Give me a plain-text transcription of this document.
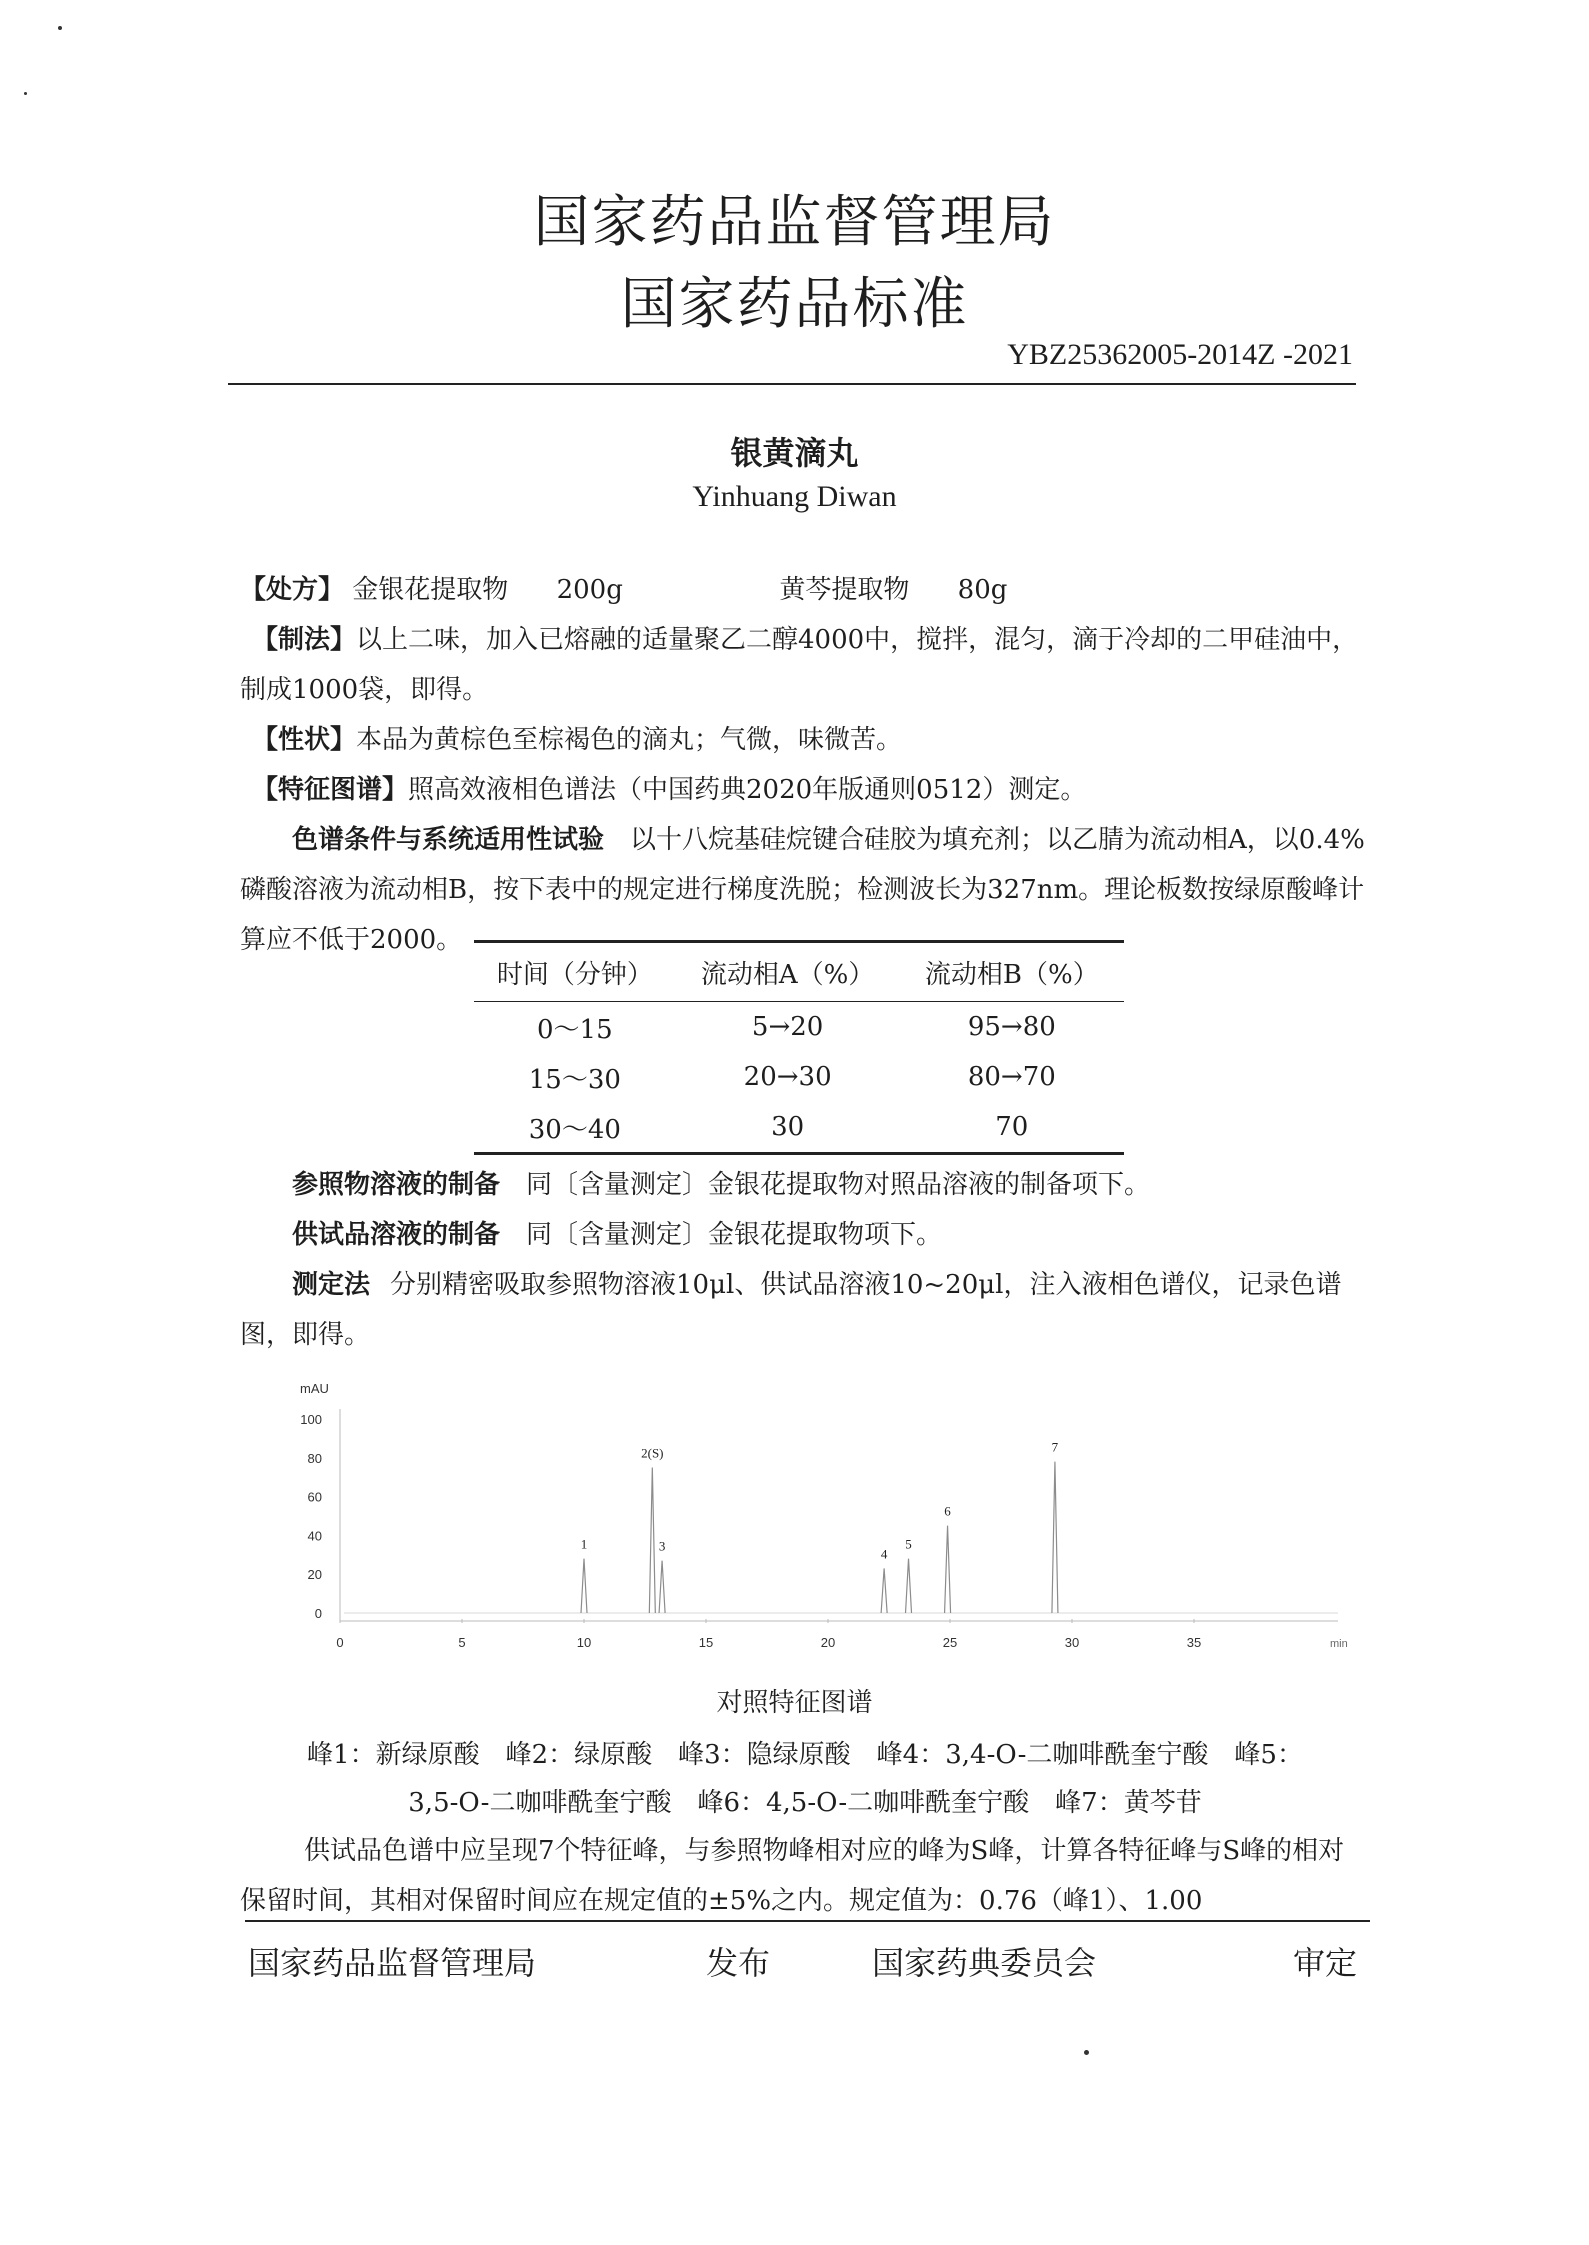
国家药品监督管理局
国家药品标准
YBZ25362005-2014Z -2021
银黄滴丸
Yinhuang Diwan
【处方】 金银花提取物 200g	黄芩提取物 80g
【制法】以上二味，加入已熔融的适量聚乙二醇4000中，搅拌，混匀，滴于冷却的二甲硅油中，制成1000袋，即得。
【性状】本品为黄棕色至棕褐色的滴丸；气微，味微苦。
【特征图谱】照高效液相色谱法（中国药典2020年版通则0512）测定。
色谱条件与系统适用性试验 以十八烷基硅烷键合硅胶为填充剂；以乙腈为流动相A，以0.4%磷酸溶液为流动相B，按下表中的规定进行梯度洗脱；检测波长为327nm。理论板数按绿原酸峰计算应不低于2000。
时间（分钟）	流动相A（%）	流动相B（%）
0～15	5→20	95→80
15～30	20→30	80→70
30～40	30	70
参照物溶液的制备 同〔含量测定〕金银花提取物对照品溶液的制备项下。
供试品溶液的制备 同〔含量测定〕金银花提取物项下。
测定法 分别精密吸取参照物溶液10μl、供试品溶液10~20μl，注入液相色谱仪，记录色谱图，即得。
mAU
min
0
20
40
60
80
100
0	5	10	15	20	25	30	35
1
2(S)
3
4
5
6
7
对照特征图谱
峰1：新绿原酸　峰2：绿原酸　峰3：隐绿原酸　峰4：3,4-O-二咖啡酰奎宁酸　峰5：
3,5-O-二咖啡酰奎宁酸　峰6：4,5-O-二咖啡酰奎宁酸　峰7：黄芩苷
供试品色谱中应呈现7个特征峰，与参照物峰相对应的峰为S峰，计算各特征峰与S峰的相对保留时间，其相对保留时间应在规定值的±5%之内。规定值为：0.76（峰1）、1.00
国家药品监督管理局	发布	国家药典委员会	审定
